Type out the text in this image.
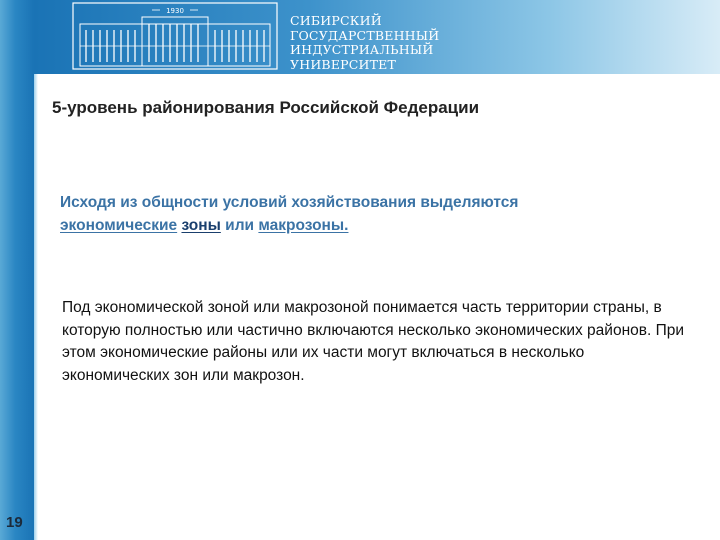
1930
СИБИРСКИЙ
ГОСУДАРСТВЕННЫЙ
ИНДУСТРИАЛЬНЫЙ
УНИВЕРСИТЕТ
5-уровень районирования Российской Федерации
Исходя из общности условий хозяйствования выделяются экономические зоны или макрозоны.
Под экономической зоной или макрозоной понимается часть территории страны, в которую полностью или частично включаются несколько экономических районов. При этом экономические районы или их части могут включаться в несколько экономических зон или макрозон.
19
